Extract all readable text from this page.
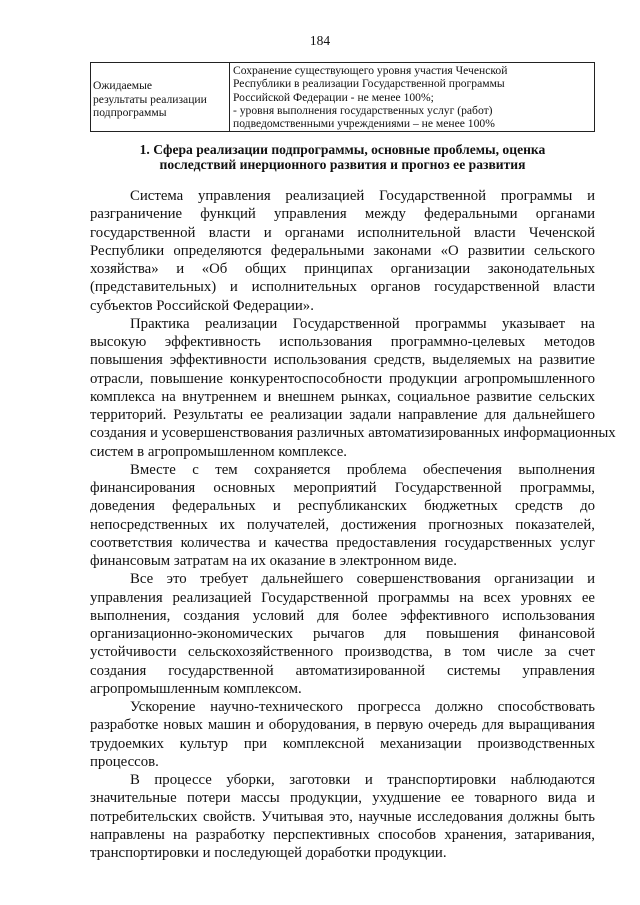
184
Ожидаемые
результаты реализации
подпрограммы

Сохранение существующего уровня участия Чеченской
Республики в реализации Государственной программы
Российской Федерации - не менее 100%;
- уровня выполнения государственных услуг (работ)
подведомственными учреждениями – не менее 100%
1. Сфера реализации подпрограммы, основные проблемы, оценка
последствий инерционного развития и прогноз ее развития
Система управления реализацией Государственной программы и
разграничение функций управления между федеральными органами
государственной власти и органами исполнительной власти Чеченской
Республики определяются федеральными законами «О развитии сельского
хозяйства» и «Об общих принципах организации законодательных
(представительных) и исполнительных органов государственной власти
субъектов Российской Федерации».
Практика реализации Государственной программы указывает на
высокую эффективность использования программно-целевых методов
повышения эффективности использования средств, выделяемых на развитие
отрасли, повышение конкурентоспособности продукции агропромышленного
комплекса на внутреннем и внешнем рынках, социальное развитие сельских
территорий. Результаты ее реализации задали направление для дальнейшего
создания и усовершенствования различных автоматизированных информационных
систем в агропромышленном комплексе.
Вместе с тем сохраняется проблема обеспечения выполнения
финансирования основных мероприятий Государственной программы,
доведения федеральных и республиканских бюджетных средств до
непосредственных их получателей, достижения прогнозных показателей,
соответствия количества и качества предоставления государственных услуг
финансовым затратам на их оказание в электронном виде.
Все это требует дальнейшего совершенствования организации и
управления реализацией Государственной программы на всех уровнях ее
выполнения, создания условий для более эффективного использования
организационно-экономических рычагов для повышения финансовой
устойчивости сельскохозяйственного производства, в том числе за счет
создания государственной автоматизированной системы управления
агропромышленным комплексом.
Ускорение научно-технического прогресса должно способствовать
разработке новых машин и оборудования, в первую очередь для выращивания
трудоемких культур при комплексной механизации производственных
процессов.
В процессе уборки, заготовки и транспортировки наблюдаются
значительные потери массы продукции, ухудшение ее товарного вида и
потребительских свойств. Учитывая это, научные исследования должны быть
направлены на разработку перспективных способов хранения, затаривания,
транспортировки и последующей доработки продукции.
